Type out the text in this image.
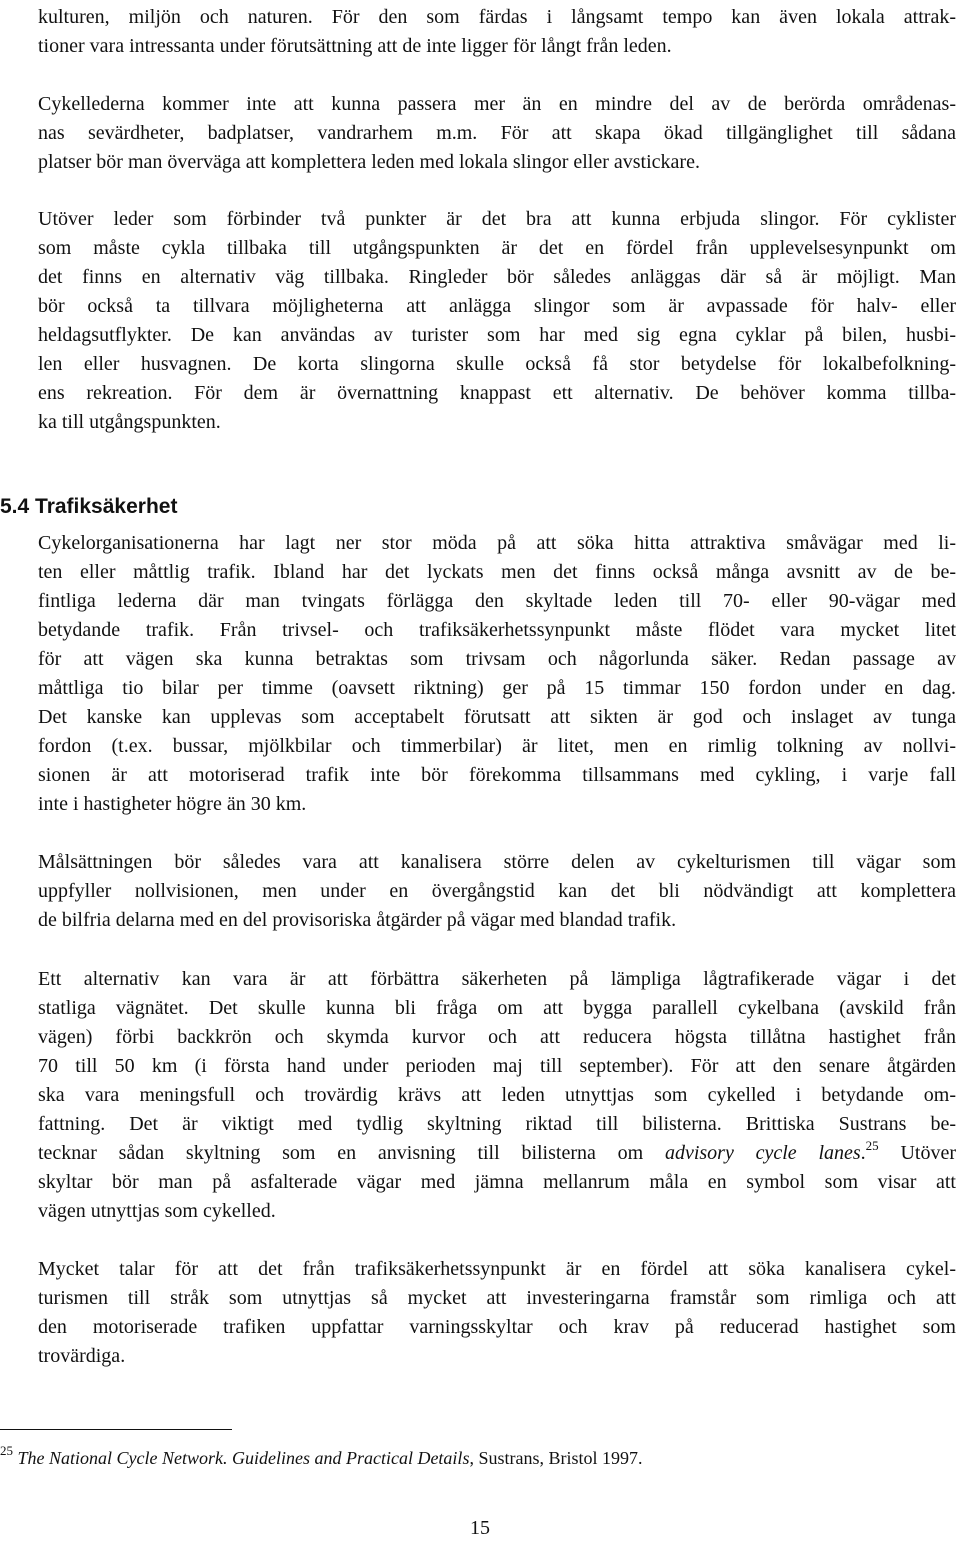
kulturen, miljön och naturen. För den som färdas i långsamt tempo kan även lokala attrak-
tioner vara intressanta under förutsättning att de inte ligger för långt från leden.
Cykellederna kommer inte att kunna passera mer än en mindre del av de berörda områdenas-
nas sevärdheter, badplatser, vandrarhem m.m. För att skapa ökad tillgänglighet till sådana
platser bör man överväga att komplettera leden med lokala slingor eller avstickare.
Utöver leder som förbinder två punkter är det bra att kunna erbjuda slingor. För cyklister
som måste cykla tillbaka till utgångspunkten är det en fördel från upplevelsesynpunkt om
det finns en alternativ väg tillbaka. Ringleder bör således anläggas där så är möjligt. Man
bör också ta tillvara möjligheterna att anlägga slingor som är avpassade för halv- eller
heldagsutflykter. De kan användas av turister som har med sig egna cyklar på bilen, husbi-
len eller husvagnen. De korta slingorna skulle också få stor betydelse för lokalbefolkning-
ens rekreation. För dem är övernattning knappast ett alternativ. De behöver komma tillba-
ka till utgångspunkten.
5.4 Trafiksäkerhet
Cykelorganisationerna har lagt ner stor möda på att söka hitta attraktiva småvägar med li-
ten eller måttlig trafik. Ibland har det lyckats men det finns också många avsnitt av de be-
fintliga lederna där man tvingats förlägga den skyltade leden till 70- eller 90-vägar med
betydande trafik. Från trivsel- och trafiksäkerhetssynpunkt måste flödet vara mycket litet
för att vägen ska kunna betraktas som trivsam och någorlunda säker. Redan passage av
måttliga tio bilar per timme (oavsett riktning) ger på 15 timmar 150 fordon under en dag.
Det kanske kan upplevas som acceptabelt förutsatt att sikten är god och inslaget av tunga
fordon (t.ex. bussar, mjölkbilar och timmerbilar) är litet, men en rimlig tolkning av nollvi-
sionen är att motoriserad trafik inte bör förekomma tillsammans med cykling, i varje fall
inte i hastigheter högre än 30 km.
Målsättningen bör således vara att kanalisera större delen av cykelturismen till vägar som
uppfyller nollvisionen, men under en övergångstid kan det bli nödvändigt att komplettera
de bilfria delarna med en del provisoriska åtgärder på vägar med blandad trafik.
Ett alternativ kan vara är att förbättra säkerheten på lämpliga lågtrafikerade vägar i det
statliga vägnätet. Det skulle kunna bli fråga om att bygga parallell cykelbana (avskild från
vägen) förbi backkrön och skymda kurvor och att reducera högsta tillåtna hastighet från
70 till 50 km (i första hand under perioden maj till september). För att den senare åtgärden
ska vara meningsfull och trovärdig krävs att leden utnyttjas som cykelled i betydande om-
fattning. Det är viktigt med tydlig skyltning riktad till bilisterna. Brittiska Sustrans be-
tecknar sådan skyltning som en anvisning till bilisterna om advisory cycle lanes.$^{25}$ Utöver
skyltar bör man på asfalterade vägar med jämna mellanrum måla en symbol som visar att
vägen utnyttjas som cykelled.
Mycket talar för att det från trafiksäkerhetssynpunkt är en fördel att söka kanalisera cykel-
turismen till stråk som utnyttjas så mycket att investeringarna framstår som rimliga och att
den motoriserade trafiken uppfattar varningsskyltar och krav på reducerad hastighet som
trovärdiga.
$^{25}$ The National Cycle Network. Guidelines and Practical Details, Sustrans, Bristol 1997.
15
